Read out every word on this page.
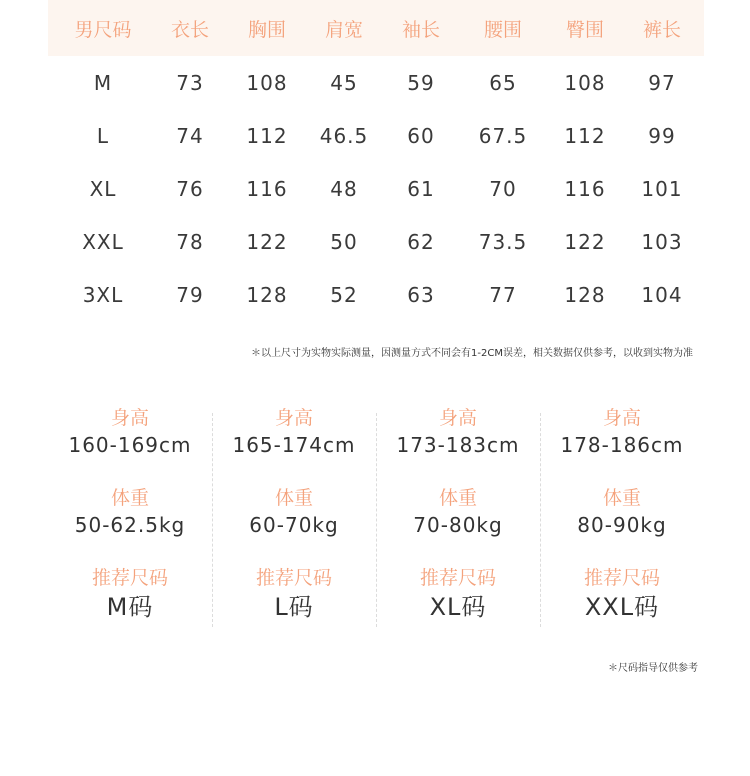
男尺码	衣长	胸围	肩宽	袖长	腰围	臀围	裤长
M	73	108	45	59	65	108	97
L	74	112	46.5	60	67.5	112	99
XL	76	116	48	61	70	116	101
XXL	78	122	50	62	73.5	122	103
3XL	79	128	52	63	77	128	104
＊以上尺寸为实物实际测量，因测量方式不同会有1-2CM误差，相关数据仅供参考，以收到实物为准
身高
160-169cm
体重
50-62.5kg
推荐尺码
M码
身高
165-174cm
体重
60-70kg
推荐尺码
L码
身高
173-183cm
体重
70-80kg
推荐尺码
XL码
身高
178-186cm
体重
80-90kg
推荐尺码
XXL码
＊尺码指导仅供参考
